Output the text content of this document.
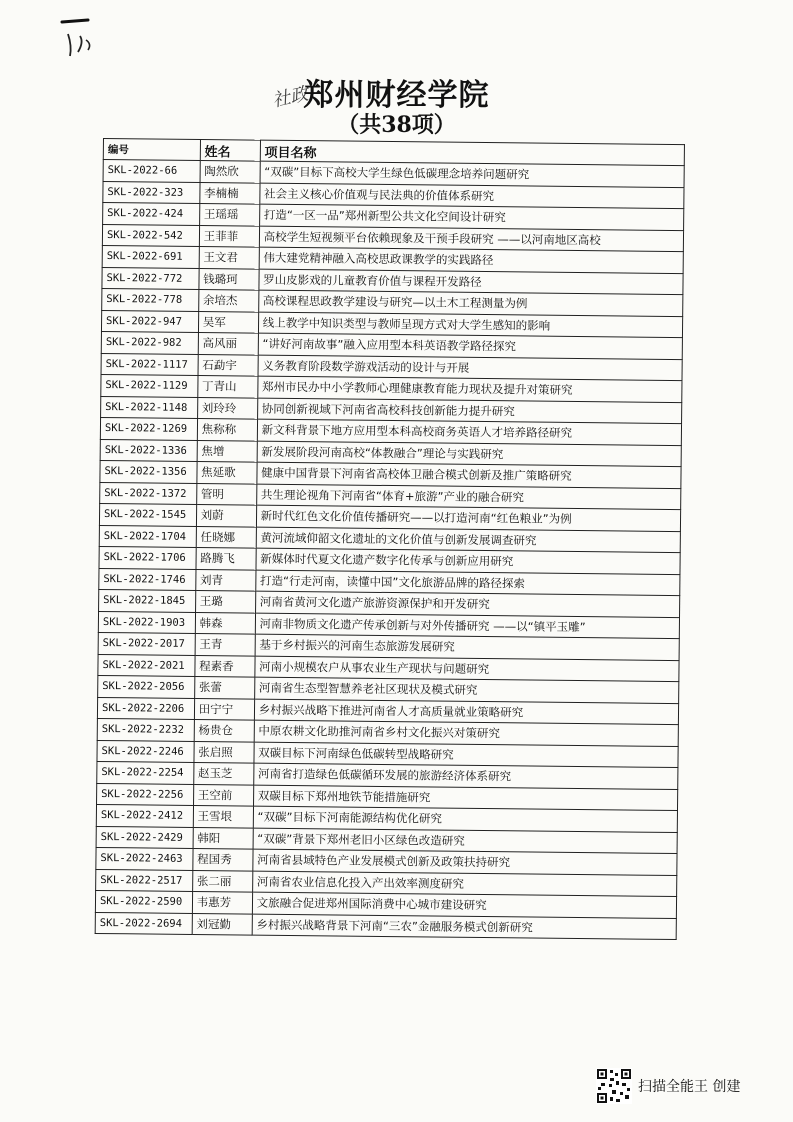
社政
郑州财经学院
（共38项）
编号	姓名	项目名称
SKL-2022-66	陶然欣	“双碳”目标下高校大学生绿色低碳理念培养问题研究
SKL-2022-323	李楠楠	社会主义核心价值观与民法典的价值体系研究
SKL-2022-424	王瑶瑶	打造“一区一品”郑州新型公共文化空间设计研究
SKL-2022-542	王菲菲	高校学生短视频平台依赖现象及干预手段研究 ——以河南地区高校
SKL-2022-691	王文君	伟大建党精神融入高校思政课教学的实践路径
SKL-2022-772	钱璐珂	罗山皮影戏的儿童教育价值与课程开发路径
SKL-2022-778	余培杰	高校课程思政教学建设与研究—以土木工程测量为例
SKL-2022-947	吴军	线上教学中知识类型与教师呈现方式对大学生感知的影响
SKL-2022-982	高风丽	“讲好河南故事”融入应用型本科英语教学路径探究
SKL-2022-1117	石勐宇	义务教育阶段数学游戏活动的设计与开展
SKL-2022-1129	丁青山	郑州市民办中小学教师心理健康教育能力现状及提升对策研究
SKL-2022-1148	刘玲玲	协同创新视域下河南省高校科技创新能力提升研究
SKL-2022-1269	焦称称	新文科背景下地方应用型本科高校商务英语人才培养路径研究
SKL-2022-1336	焦增	新发展阶段河南高校“体教融合”理论与实践研究
SKL-2022-1356	焦延歌	健康中国背景下河南省高校体卫融合模式创新及推广策略研究
SKL-2022-1372	管明	共生理论视角下河南省“体育+旅游”产业的融合研究
SKL-2022-1545	刘蔚	新时代红色文化价值传播研究——以打造河南“红色粮业”为例
SKL-2022-1704	任晓娜	黄河流域仰韶文化遗址的文化价值与创新发展调查研究
SKL-2022-1706	路腾飞	新媒体时代夏文化遗产数字化传承与创新应用研究
SKL-2022-1746	刘青	打造“行走河南，读懂中国”文化旅游品牌的路径探索
SKL-2022-1845	王璐	河南省黄河文化遗产旅游资源保护和开发研究
SKL-2022-1903	韩森	河南非物质文化遗产传承创新与对外传播研究 ——以“镇平玉雕”
SKL-2022-2017	王青	基于乡村振兴的河南生态旅游发展研究
SKL-2022-2021	程素香	河南小规模农户从事农业生产现状与问题研究
SKL-2022-2056	张蕾	河南省生态型智慧养老社区现状及模式研究
SKL-2022-2206	田宁宁	乡村振兴战略下推进河南省人才高质量就业策略研究
SKL-2022-2232	杨贵仓	中原农耕文化助推河南省乡村文化振兴对策研究
SKL-2022-2246	张启照	双碳目标下河南绿色低碳转型战略研究
SKL-2022-2254	赵玉芝	河南省打造绿色低碳循环发展的旅游经济体系研究
SKL-2022-2256	王空前	双碳目标下郑州地铁节能措施研究
SKL-2022-2412	王雪垠	“双碳”目标下河南能源结构优化研究
SKL-2022-2429	韩阳	“双碳”背景下郑州老旧小区绿色改造研究
SKL-2022-2463	程国秀	河南省县域特色产业发展模式创新及政策扶持研究
SKL-2022-2517	张二丽	河南省农业信息化投入产出效率测度研究
SKL-2022-2590	韦惠芳	文旅融合促进郑州国际消费中心城市建设研究
SKL-2022-2694	刘冠勤	乡村振兴战略背景下河南“三农”金融服务模式创新研究
扫描全能王 创建
